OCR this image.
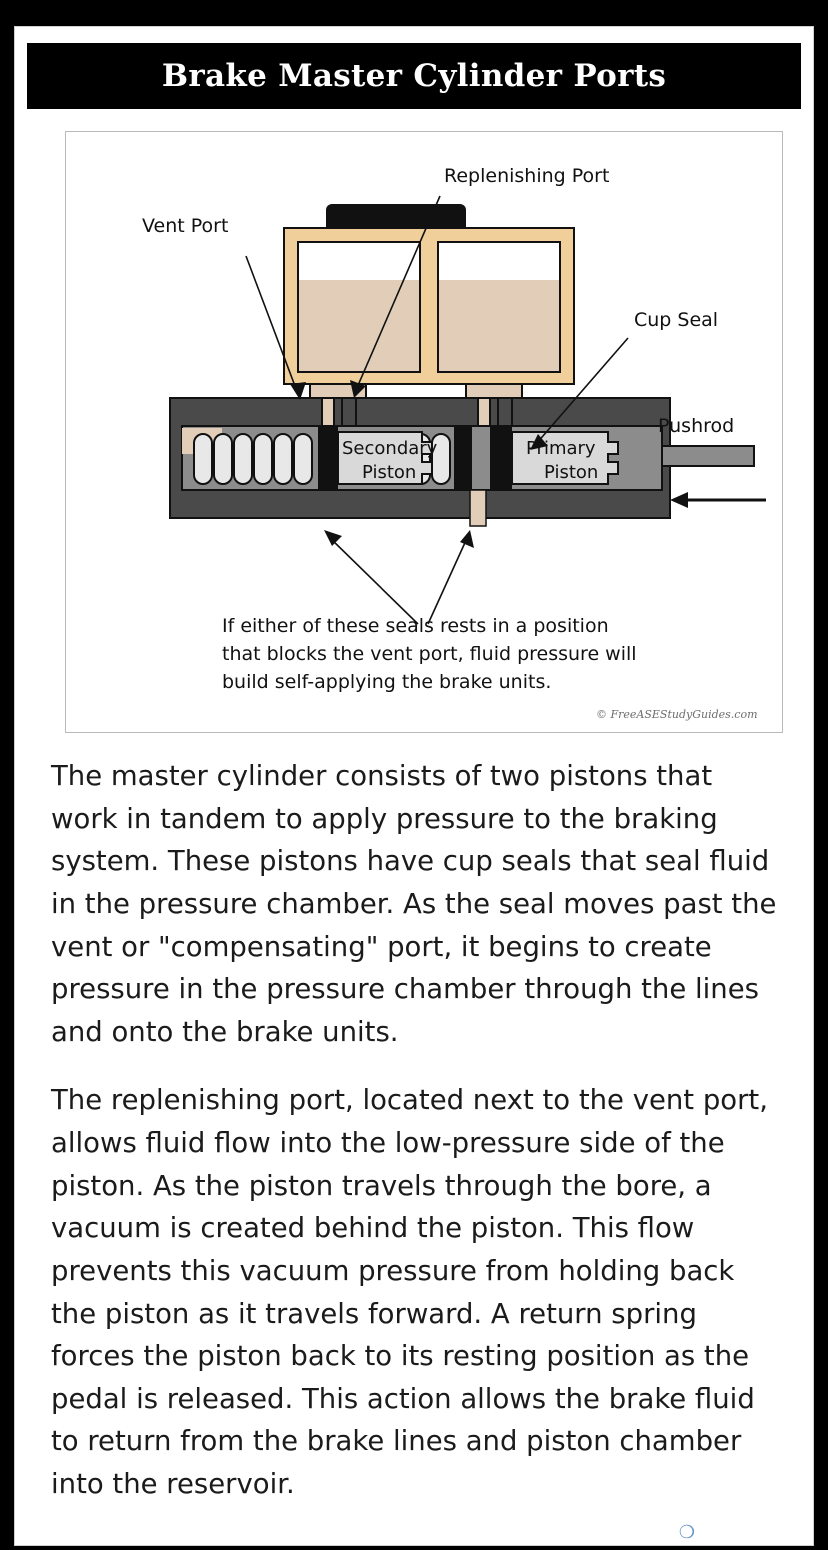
Brake Master Cylinder Ports
Vent Port
Replenishing Port
Cup Seal
Pushrod
Secondary
Piston
Primary
Piston
If either of these seals rests in a position
that blocks the vent port, fluid pressure will
build self-applying the brake units.
© FreeASEStudyGuides.com

The master cylinder consists of two pistons that work in tandem to apply pressure to the braking system. These pistons have cup seals that seal fluid in the pressure chamber. As the seal moves past the vent or "compensating" port, it begins to create pressure in the pressure chamber through the lines and onto the brake units.

The replenishing port, located next to the vent port, allows fluid flow into the low-pressure side of the piston. As the piston travels through the bore, a vacuum is created behind the piston. This flow prevents this vacuum pressure from holding back the piston as it travels forward. A return spring forces the piston back to its resting position as the pedal is released. This action allows the brake fluid to return from the brake lines and piston chamber into the reservoir.

❍
